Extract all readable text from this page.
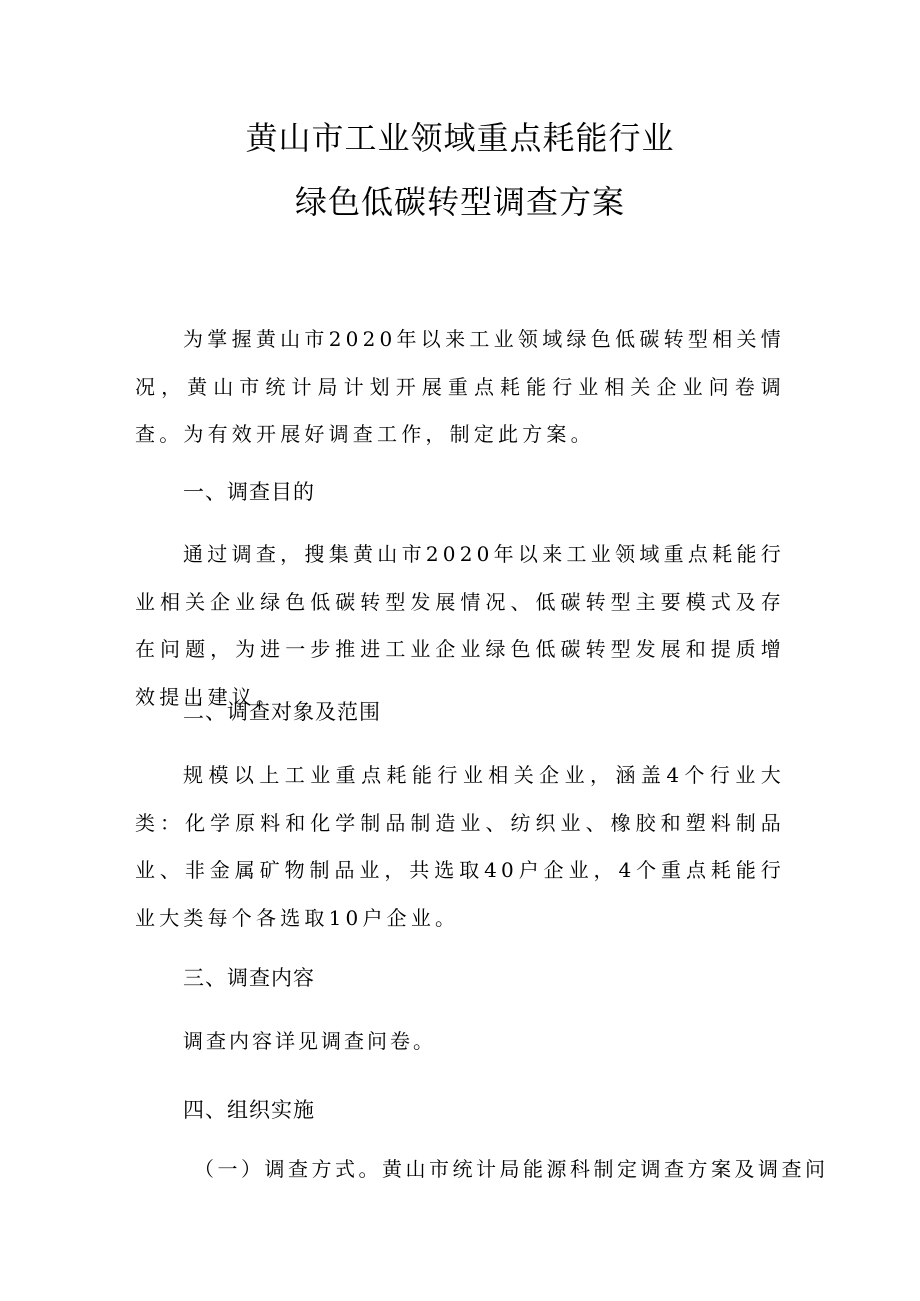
黄山市工业领域重点耗能行业
绿色低碳转型调查方案

为掌握黄山市2020年以来工业领域绿色低碳转型相关情况，黄山市统计局计划开展重点耗能行业相关企业问卷调查。为有效开展好调查工作，制定此方案。

一、调查目的

通过调查，搜集黄山市2020年以来工业领域重点耗能行业相关企业绿色低碳转型发展情况、低碳转型主要模式及存在问题，为进一步推进工业企业绿色低碳转型发展和提质增效提出建议。

二、调查对象及范围

规模以上工业重点耗能行业相关企业，涵盖4个行业大类：化学原料和化学制品制造业、纺织业、橡胶和塑料制品业、非金属矿物制品业，共选取40户企业，4个重点耗能行业大类每个各选取10户企业。

三、调查内容

调查内容详见调查问卷。

四、组织实施

（一）调查方式。黄山市统计局能源科制定调查方案及调查问
